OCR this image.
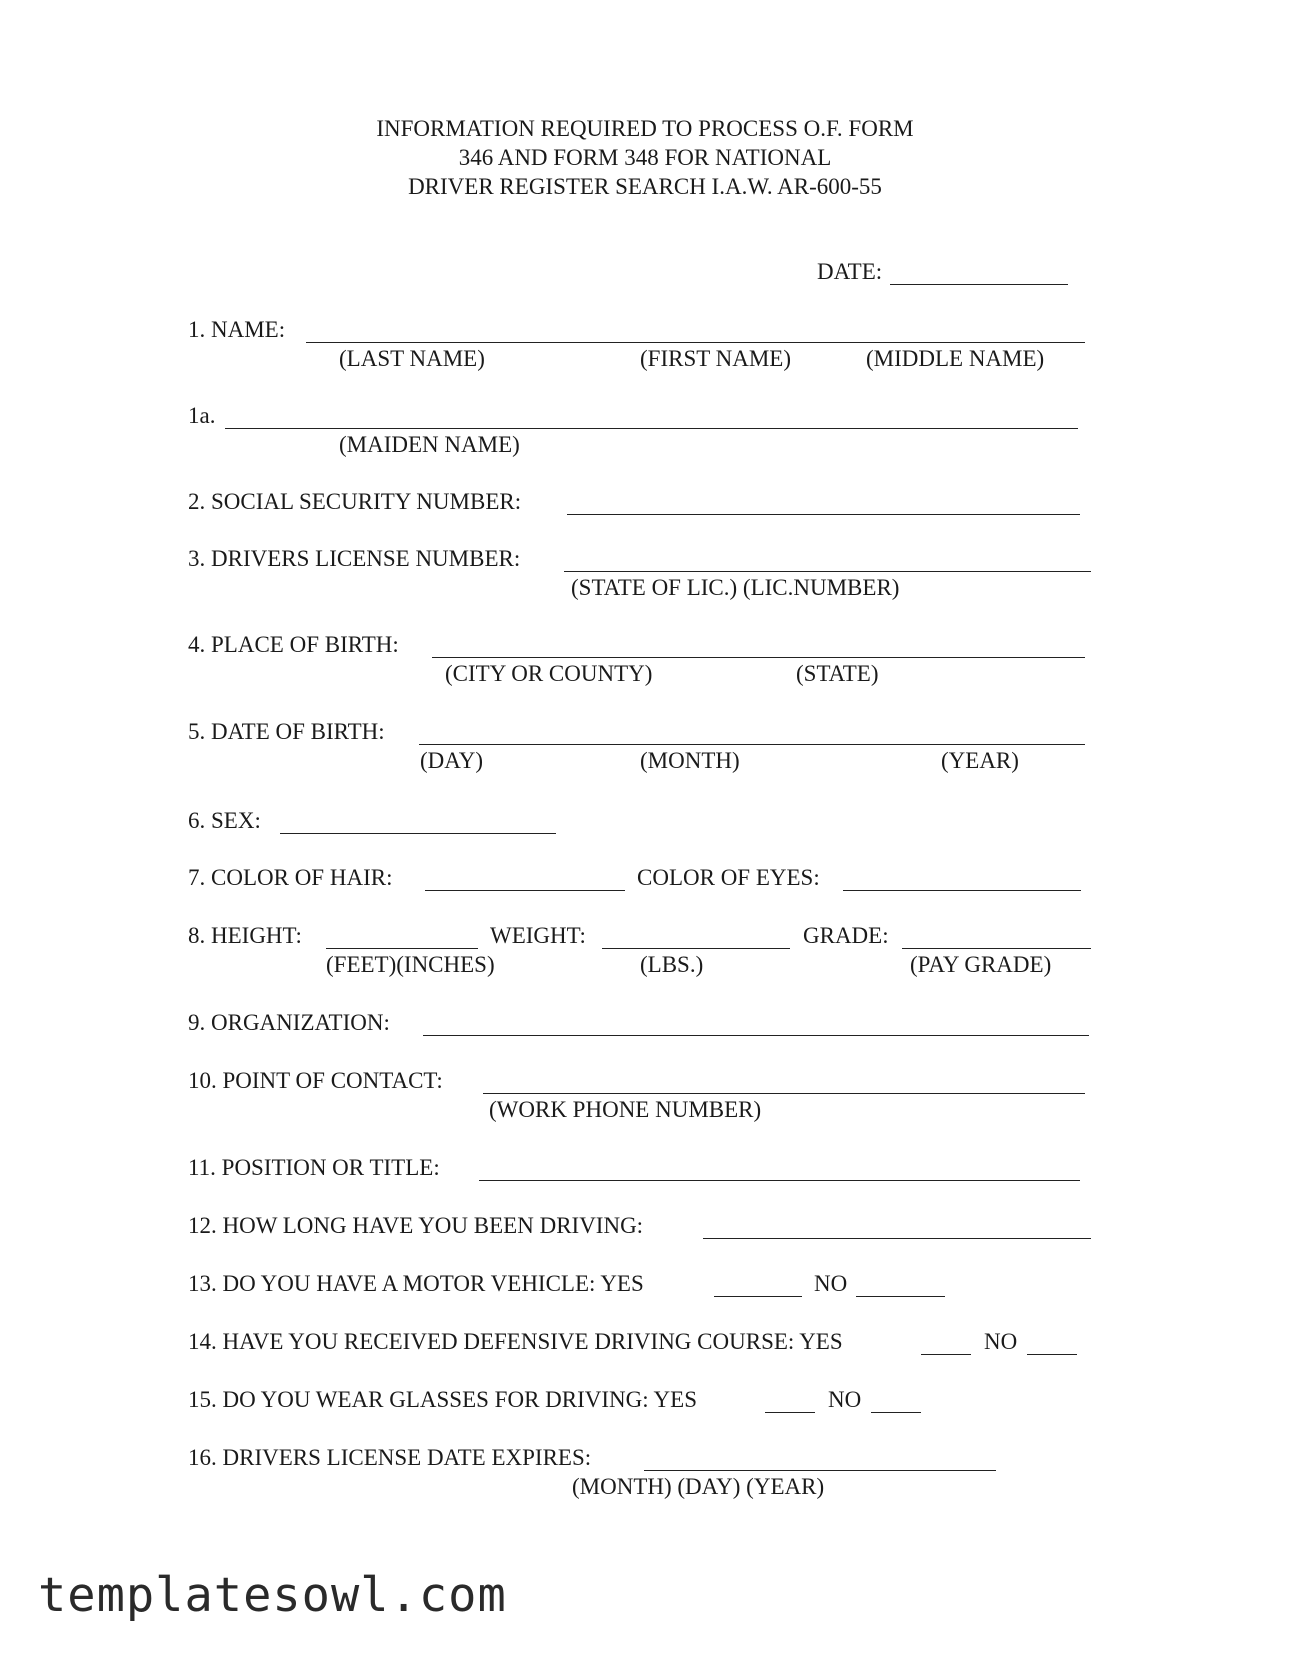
INFORMATION REQUIRED TO PROCESS O.F. FORM
346 AND FORM 348 FOR NATIONAL
DRIVER REGISTER SEARCH I.A.W. AR-600-55
DATE:
1. NAME:
(LAST NAME)	(FIRST NAME)	(MIDDLE NAME)
1a.
(MAIDEN NAME)
2. SOCIAL SECURITY NUMBER:
3. DRIVERS LICENSE NUMBER:
(STATE OF LIC.) (LIC.NUMBER)
4. PLACE OF BIRTH:
(CITY OR COUNTY)	(STATE)
5. DATE OF BIRTH:
(DAY)	(MONTH)	(YEAR)
6. SEX:
7. COLOR OF HAIR:	COLOR OF EYES:
8. HEIGHT:	WEIGHT:	GRADE:
(FEET)(INCHES)	(LBS.)	(PAY GRADE)
9. ORGANIZATION:
10. POINT OF CONTACT:
(WORK PHONE NUMBER)
11. POSITION OR TITLE:
12. HOW LONG HAVE YOU BEEN DRIVING:
13. DO YOU HAVE A MOTOR VEHICLE: YES	NO
14. HAVE YOU RECEIVED DEFENSIVE DRIVING COURSE: YES	NO
15. DO YOU WEAR GLASSES FOR DRIVING: YES	NO
16. DRIVERS LICENSE DATE EXPIRES:
(MONTH) (DAY) (YEAR)
templatesowl.com
